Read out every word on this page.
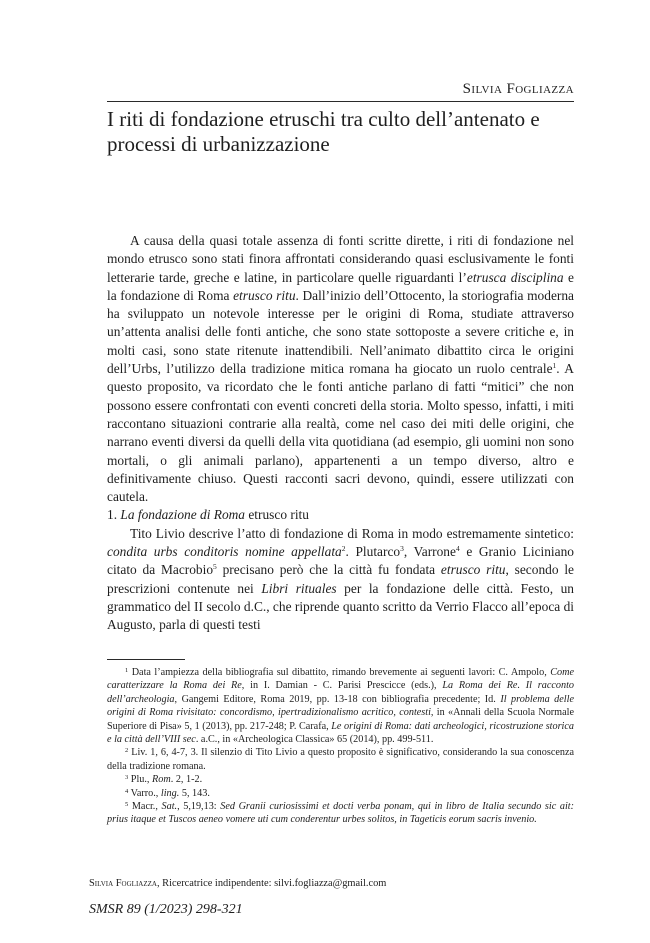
Silvia Fogliazza
I riti di fondazione etruschi tra culto dell’antenato e processi di urbanizzazione

A causa della quasi totale assenza di fonti scritte dirette, i riti di fondazione nel mondo etrusco sono stati finora affrontati considerando quasi esclusivamente le fonti letterarie tarde, greche e latine, in particolare quelle riguardanti l’etrusca disciplina e la fondazione di Roma etrusco ritu. Dall’inizio dell’Ottocento, la storiografia moderna ha sviluppato un notevole interesse per le origini di Roma, studiate attraverso un’attenta analisi delle fonti antiche, che sono state sottoposte a severe critiche e, in molti casi, sono state ritenute inattendibili. Nell’animato dibattito circa le origini dell’Urbs, l’utilizzo della tradizione mitica romana ha giocato un ruolo centrale$^1$. A questo proposito, va ricordato che le fonti antiche parlano di fatti “mitici” che non possono essere confrontati con eventi concreti della storia. Molto spesso, infatti, i miti raccontano situazioni contrarie alla realtà, come nel caso dei miti delle origini, che narrano eventi diversi da quelli della vita quotidiana (ad esempio, gli uomini non sono mortali, o gli animali parlano), appartenenti a un tempo diverso, altro e definitivamente chiuso. Questi racconti sacri devono, quindi, essere utilizzati con cautela.

1. La fondazione di Roma etrusco ritu

Tito Livio descrive l’atto di fondazione di Roma in modo estremamente sintetico: condita urbs conditoris nomine appellata$^2$. Plutarco$^3$, Varrone$^4$ e Granio Liciniano citato da Macrobio$^5$ precisano però che la città fu fondata etrusco ritu, secondo le prescrizioni contenute nei Libri rituales per la fondazione delle città. Festo, un grammatico del II secolo d.C., che riprende quanto scritto da Verrio Flacco all’epoca di Augusto, parla di questi testi

$^1$ Data l’ampiezza della bibliografia sul dibattito, rimando brevemente ai seguenti lavori: C. Ampolo, Come caratterizzare la Roma dei Re, in I. Damian - C. Parisi Prescicce (eds.), La Roma dei Re. Il racconto dell’archeologia, Gangemi Editore, Roma 2019, pp. 13-18 con bibliografia precedente; Id. Il problema delle origini di Roma rivisitato: concordismo, ipertradizionalismo acritico, contesti, in «Annali della Scuola Normale Superiore di Pisa» 5, 1 (2013), pp. 217-248; P. Carafa, Le origini di Roma: dati archeologici, ricostruzione storica e la città dell’VIII sec. a.C., in «Archeologica Classica» 65 (2014), pp. 499-511.

$^2$ Liv. 1, 6, 4-7, 3. Il silenzio di Tito Livio a questo proposito è significativo, considerando la sua conoscenza della tradizione romana.

$^3$ Plu., Rom. 2, 1-2.

$^4$ Varro., ling. 5, 143.

$^5$ Macr., Sat., 5,19,13: Sed Granii curiosissimi et docti verba ponam, qui in libro de Italia secundo sic ait: prius itaque et Tuscos aeneo vomere uti cum conderentur urbes solitos, in Tageticis eorum sacris invenio.

Silvia Fogliazza, Ricercatrice indipendente: silvi.fogliazza@gmail.com
SMSR 89 (1/2023) 298-321
